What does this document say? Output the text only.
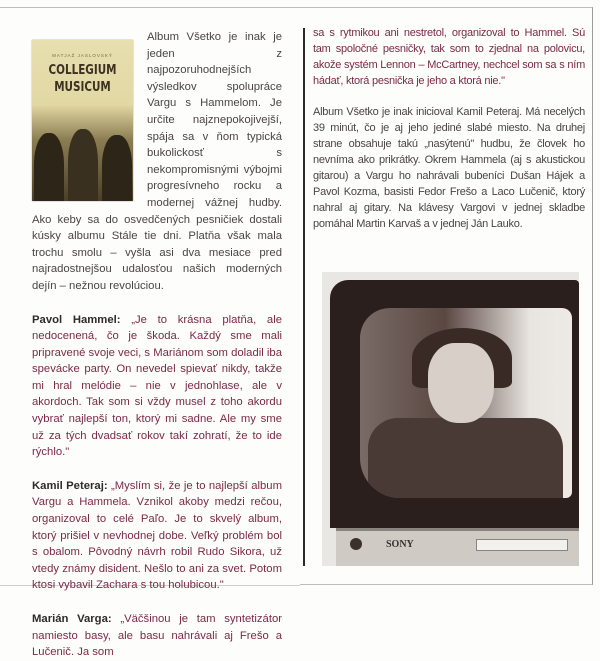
MATJAŽ JASLOVSKÝ
COLLEGIUM
MUSICUM

Album Všetko je inak je jeden z najpozoruhodnejších výsledkov spolupráce Vargu s Hammelom. Je určite najznepokojivejší, spája sa v ňom typická bukolickosť s nekompromisnými výbojmi progresívneho rocku a modernej vážnej hudby. Ako keby sa do osvedčených pesničiek dostali kúsky albumu Stále tie dni. Platňa však mala trochu smolu – vyšla asi dva mesiace pred najradostnejšou udalosťou našich moderných dejín – nežnou revolúciou.

Pavol Hammel: „Je to krásna platňa, ale nedocenená, čo je škoda. Každý sme mali pripravené svoje veci, s Mariánom som doladil iba spevácke party. On nevedel spievať nikdy, takže mi hral melódie – nie v jednohlase, ale v akordoch. Tak som si vždy musel z toho akordu vybrať najlepší ton, ktorý mi sadne. Ale my sme už za tých dvadsať rokov takí zohratí, že to ide rýchlo."

Kamil Peteraj: „Myslím si, že je to najlepší album Vargu a Hammela. Vznikol akoby medzi rečou, organizoval to celé Paľo. Je to skvelý album, ktorý prišiel v nevhodnej dobe. Veľký problém bol s obalom. Pôvodný návrh robil Rudo Sikora, už vtedy známy disident. Nešlo to ani za svet. Potom ktosi vybavil Zachara s tou holubicou."

Marián Varga: „Väčšinou je tam syntetizátor namiesto basy, ale basu nahrávali aj Frešo a Lučenič. Ja som

sa s rytmikou ani nestretol, organizoval to Hammel. Sú tam spoločné pesničky, tak som to zjednal na polovicu, akože systém Lennon – McCartney, nechcel som sa s ním hádať, ktorá pesnička je jeho a ktorá nie."

Album Všetko je inak inicioval Kamil Peteraj. Má necelých 39 minút, čo je aj jeho jediné slabé miesto. Na druhej strane obsahuje takú „nasýtenú" hudbu, že človek ho nevníma ako prikrátky. Okrem Hammela (aj s akustickou gitarou) a Vargu ho nahrávali bubeníci Dušan Hájek a Pavol Kozma, basisti Fedor Frešo a Laco Lučenič, ktorý nahral aj gitary. Na klávesy Vargovi v jednej skladbe pomáhal Martin Karvaš a v jednej Ján Lauko.

SONY
